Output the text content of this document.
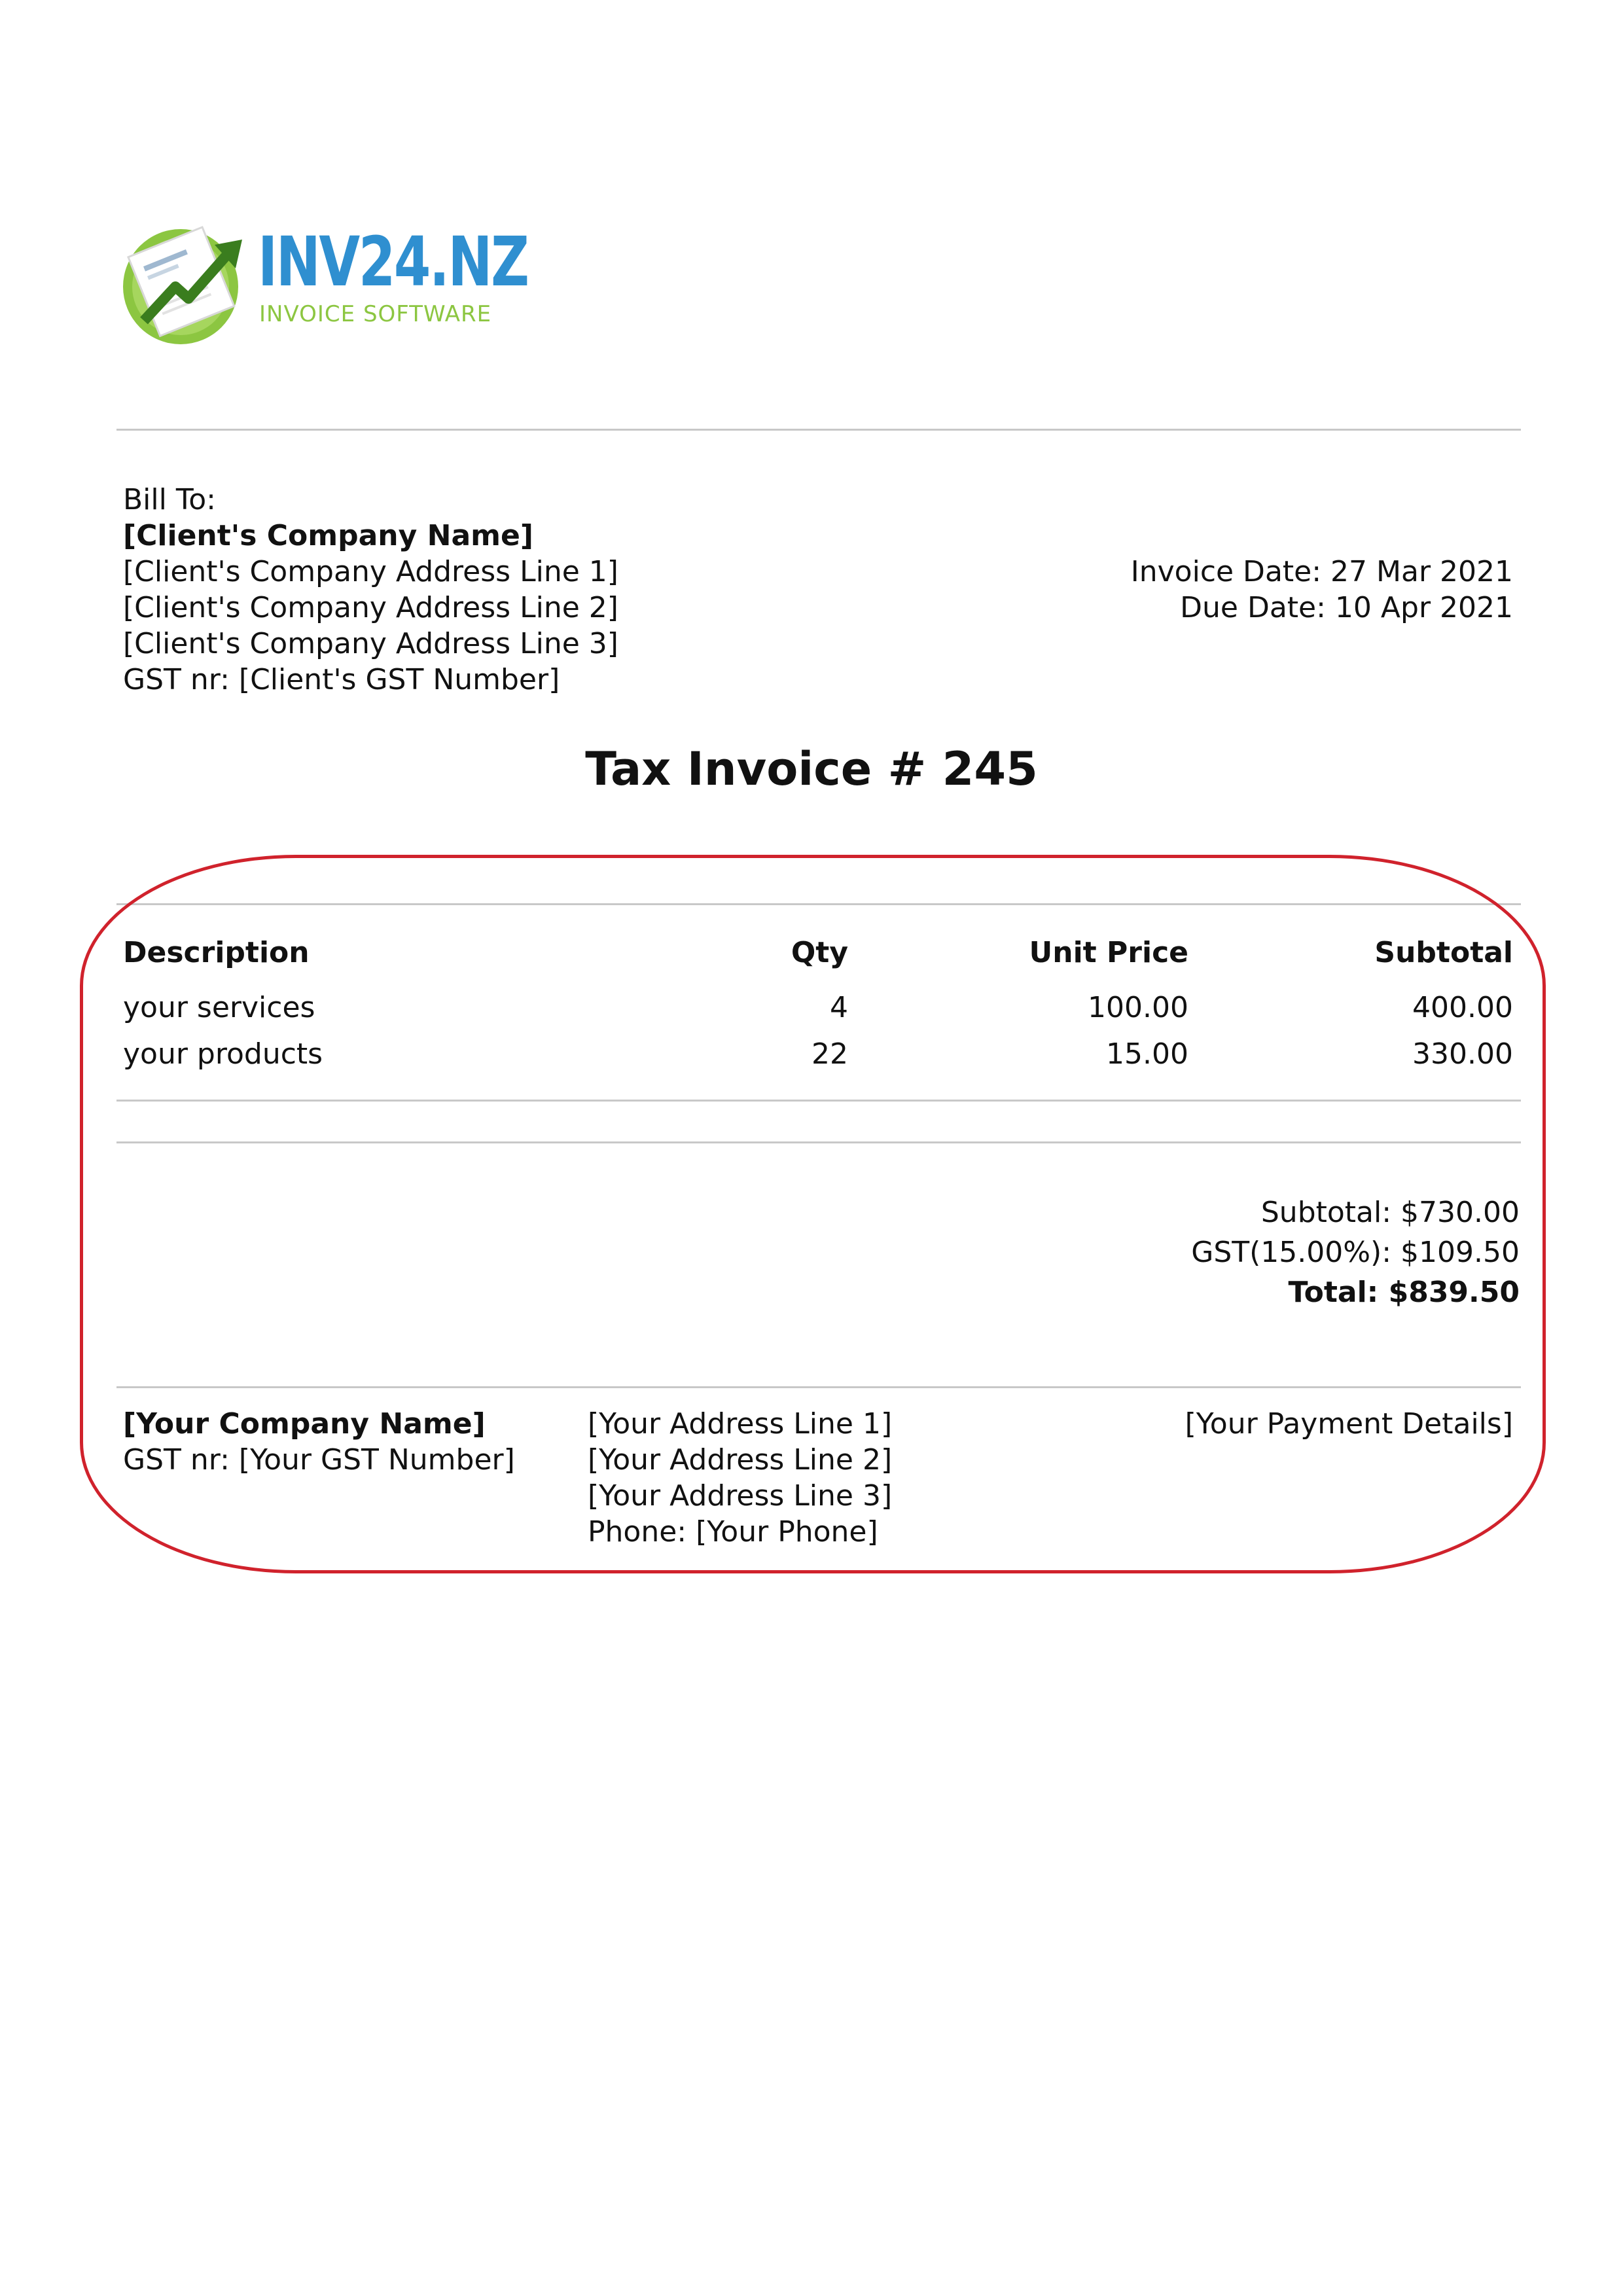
INV24.NZ
INVOICE SOFTWARE
Bill To:
[Client's Company Name]
[Client's Company Address Line 1]
[Client's Company Address Line 2]
[Client's Company Address Line 3]
GST nr: [Client's GST Number]
Invoice Date: 27 Mar 2021
Due Date: 10 Apr 2021
Tax Invoice # 245
Description	Qty	Unit Price	Subtotal
your services	4	100.00	400.00
your products	22	15.00	330.00
Subtotal: $730.00
GST(15.00%): $109.50
Total: $839.50
[Your Company Name]
GST nr: [Your GST Number]
[Your Address Line 1]
[Your Address Line 2]
[Your Address Line 3]
Phone: [Your Phone]
[Your Payment Details]
